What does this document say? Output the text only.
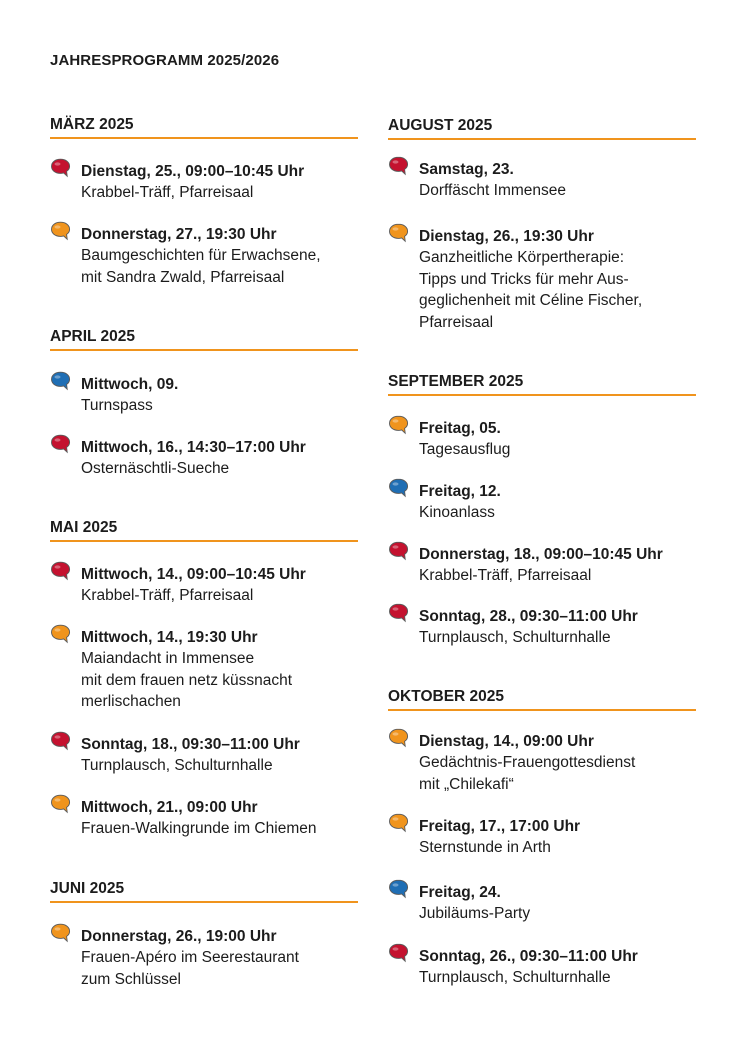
JAHRESPROGRAMM 2025/2026
MÄRZ 2025
Dienstag, 25., 09:00–10:45 Uhr
Krabbel-Träff, Pfarreisaal
Donnerstag, 27., 19:30 Uhr
Baumgeschichten für Erwachsene,
mit Sandra Zwald, Pfarreisaal
APRIL 2025
Mittwoch, 09.
Turnspass
Mittwoch, 16., 14:30–17:00 Uhr
Osternäschtli-Sueche
MAI 2025
Mittwoch, 14., 09:00–10:45 Uhr
Krabbel-Träff, Pfarreisaal
Mittwoch, 14., 19:30 Uhr
Maiandacht in Immensee
mit dem frauen netz küssnacht
merlischachen
Sonntag, 18., 09:30–11:00 Uhr
Turnplausch, Schulturnhalle
Mittwoch, 21., 09:00 Uhr
Frauen-Walkingrunde im Chiemen
JUNI 2025
Donnerstag, 26., 19:00 Uhr
Frauen-Apéro im Seerestaurant
zum Schlüssel
AUGUST 2025
Samstag, 23.
Dorffäscht Immensee
Dienstag, 26., 19:30 Uhr
Ganzheitliche Körpertherapie:
Tipps und Tricks für mehr Aus-
geglichenheit mit Céline Fischer,
Pfarreisaal
SEPTEMBER 2025
Freitag, 05.
Tagesausflug
Freitag, 12.
Kinoanlass
Donnerstag, 18., 09:00–10:45 Uhr
Krabbel-Träff, Pfarreisaal
Sonntag, 28., 09:30–11:00 Uhr
Turnplausch, Schulturnhalle
OKTOBER 2025
Dienstag, 14., 09:00 Uhr
Gedächtnis-Frauengottesdienst
mit „Chilekafi“
Freitag, 17., 17:00 Uhr
Sternstunde in Arth
Freitag, 24.
Jubiläums-Party
Sonntag, 26., 09:30–11:00 Uhr
Turnplausch, Schulturnhalle
